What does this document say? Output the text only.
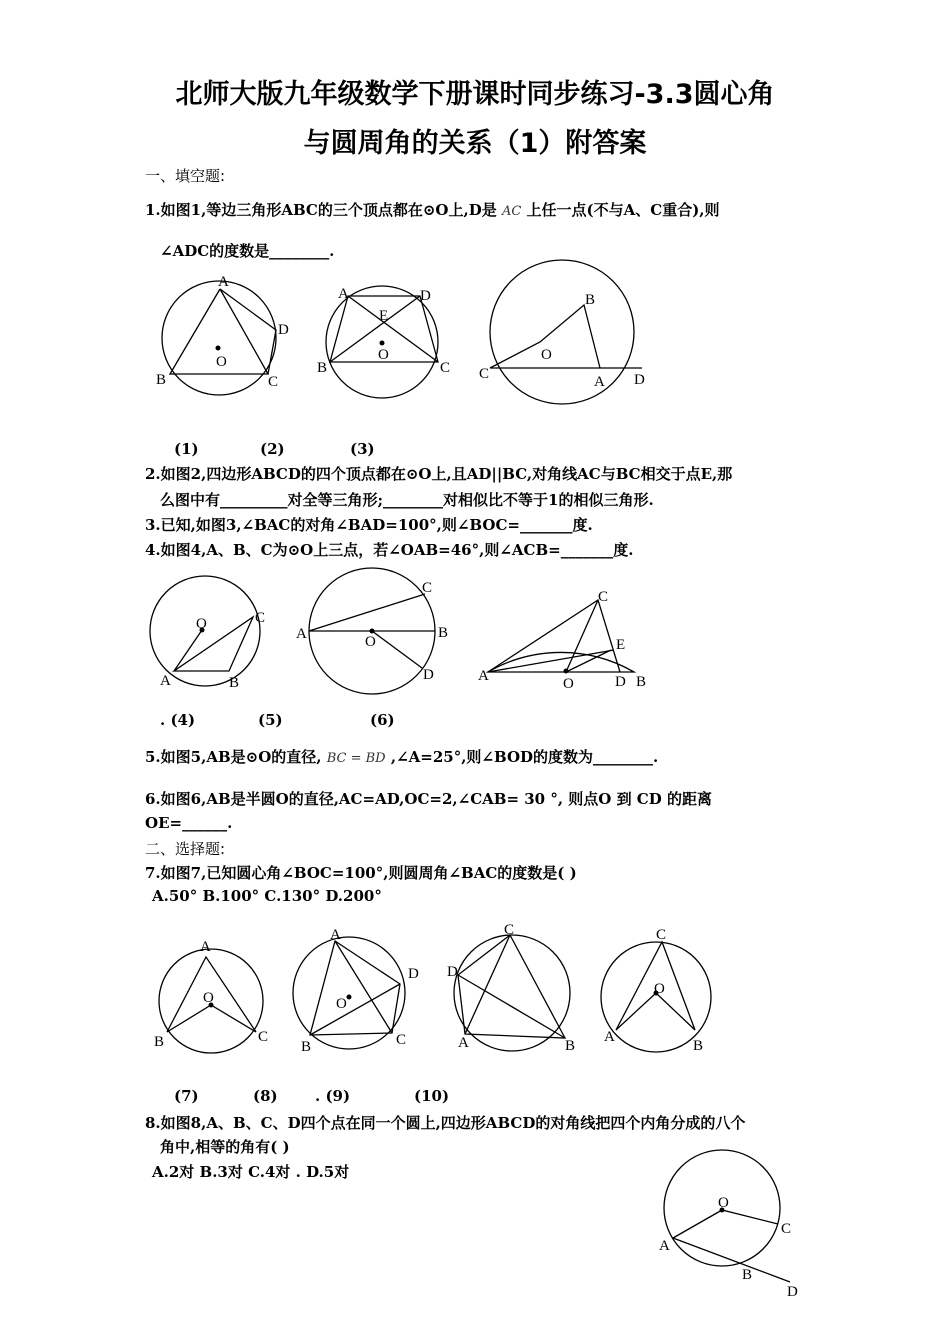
北师大版九年级数学下册课时同步练习-3.3圆心角
与圆周角的关系（1）附答案
一、填空题:
1.如图1,等边三角形ABC的三个顶点都在⊙O上,D是 AC 上任一点(不与A、C重合),则
∠ADC的度数是________.
A
B	C
D
O
A	D
E
B	C
O
B
O
C	A D
(1)	(2)	(3)
2.如图2,四边形ABCD的四个顶点都在⊙O上,且AD||BC,对角线AC与BC相交于点E,那
么图中有_________对全等三角形;________对相似比不等于1的相似三角形.
3.已知,如图3,∠BAC的对角∠BAD=100°,则∠BOC=_______度.
4.如图4,A、B、C为⊙O上三点，若∠OAB=46°,则∠ACB=_______度.
O	C
A	B
C
A	B
O
D
C
E
A	O	D B
. (4)	(5)	(6)
5.如图5,AB是⊙O的直径, BC = BD ,∠A=25°,则∠BOD的度数为________.
6.如图6,AB是半圆O的直径,AC=AD,OC=2,∠CAB= 30 °, 则点O 到 CD 的距离
OE=______.
二、选择题:
7.如图7,已知圆心角∠BOC=100°,则圆周角∠BAC的度数是( )
A.50° B.100° C.130° D.200°
A
O
B	C
A
D
O
B	C
C
D
A	B
C
O
A
B
(7)	(8) . (9)	(10)
8.如图8,A、B、C、D四个点在同一个圆上,四边形ABCD的对角线把四个内角分成的八个
角中,相等的角有( )
A.2对 B.3对 C.4对 . D.5对
O
C
A
B
D
